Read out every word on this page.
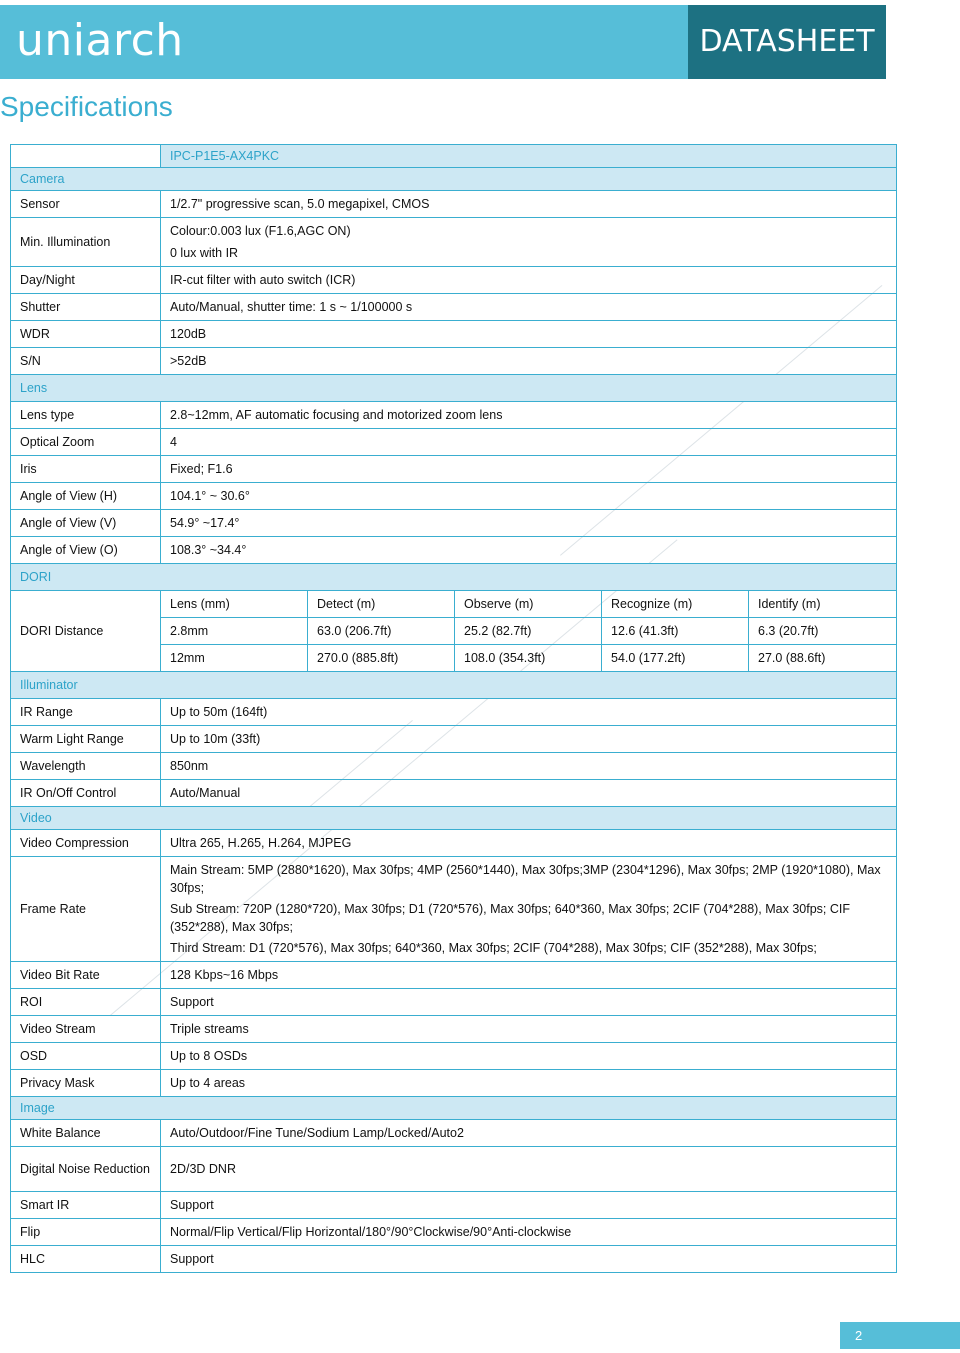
uniarch	DATASHEET
Specifications
	IPC-P1E5-AX4PKC				
Camera					
Sensor	1/2.7" progressive scan, 5.0 megapixel, CMOS				
Min. Illumination	Colour:0.003 lux (F1.6,AGC ON)

0 lux with IR				

Day/Night	IR-cut filter with auto switch (ICR)				
Shutter	Auto/Manual, shutter time: 1 s ~ 1/100000 s				
WDR	120dB				
S/N	>52dB				
Lens					
Lens type	2.8~12mm, AF automatic focusing and motorized zoom lens				
Optical Zoom	4				
Iris	Fixed; F1.6				
Angle of View (H)	104.1° ~ 30.6°				
Angle of View (V)	54.9° ~17.4°				
Angle of View (O)	108.3° ~34.4°				
DORI					
DORI Distance	Lens (mm)	Detect (m)	Observe (m)	Recognize (m)	Identify (m)
	2.8mm	63.0 (206.7ft)	25.2 (82.7ft)	12.6 (41.3ft)	6.3 (20.7ft)
	12mm	270.0 (885.8ft)	108.0 (354.3ft)	54.0 (177.2ft)	27.0 (88.6ft)
Illuminator					
IR Range	Up to 50m (164ft)				
Warm Light Range	Up to 10m (33ft)				
Wavelength	850nm				
IR On/Off Control	Auto/Manual				
Video					
Video Compression	Ultra 265, H.265, H.264, MJPEG				
Frame Rate	Main Stream: 5MP (2880*1620), Max 30fps; 4MP (2560*1440), Max 30fps;3MP (2304*1296), Max 30fps; 2MP (1920*1080), Max 30fps;

Sub Stream: 720P (1280*720), Max 30fps; D1 (720*576), Max 30fps; 640*360, Max 30fps; 2CIF (704*288), Max 30fps; CIF (352*288), Max 30fps;

Third Stream: D1 (720*576), Max 30fps; 640*360, Max 30fps; 2CIF (704*288), Max 30fps; CIF (352*288), Max 30fps;				

Video Bit Rate	128 Kbps~16 Mbps				
ROI	Support				
Video Stream	Triple streams				
OSD	Up to 8 OSDs				
Privacy Mask	Up to 4 areas				
Image					
White Balance	Auto/Outdoor/Fine Tune/Sodium Lamp/Locked/Auto2				
Digital Noise Reduction	2D/3D DNR				
Smart IR	Support				
Flip	Normal/Flip Vertical/Flip Horizontal/180°/90°Clockwise/90°Anti-clockwise				
HLC	Support				
2
